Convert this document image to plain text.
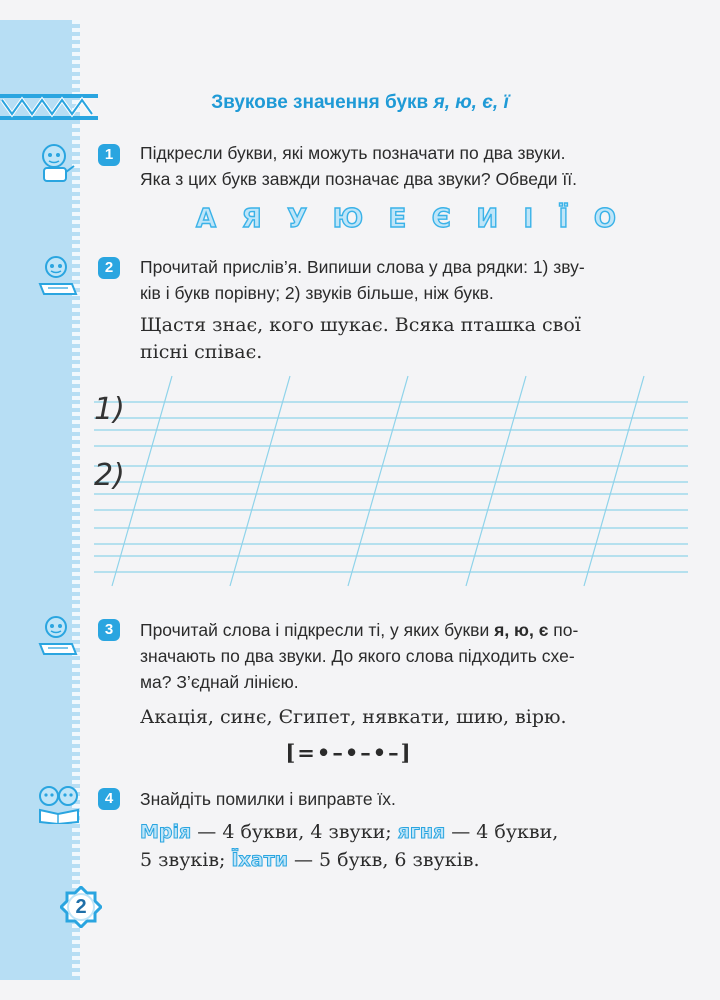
Звукове значення букв я, ю, є, ї
1	Підкресли букви, які можуть позначати по два звуки.
Яка з цих букв завжди позначає два звуки? Обведи її.
А Я У Ю Е Є И І Ї О
2	Прочитай прислів’я. Випиши слова у два рядки: 1) зву-
ків і букв порівну; 2) звуків більше, ніж букв.
Щастя знає, кого шукає. Всяка пташка свої
пісні співає.
1)
2)
3	Прочитай слова і підкресли ті, у яких букви я, ю, є по-
значають по два звуки. До якого слова підходить схе-
ма? З’єднай лінією.
Акація, синє, Єгипет, нявкати, шию, вірю.
[=•–•–•–]
4	Знайдіть помилки і виправте їх.
Мрія — 4 букви, 4 звуки; ягня — 4 букви,
5 звуків; Їхати — 5 букв, 6 звуків.
2
